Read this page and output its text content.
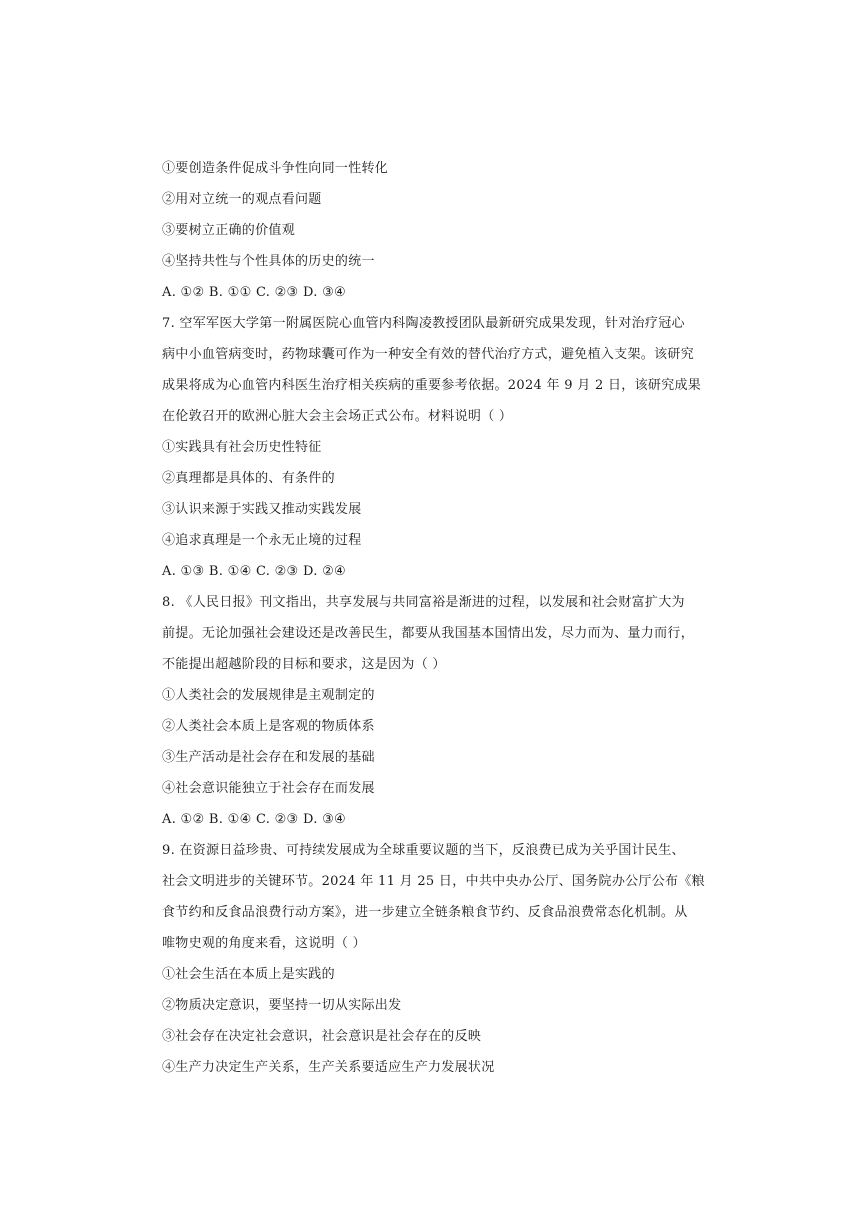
①要创造条件促成斗争性向同一性转化
②用对立统一的观点看问题
③要树立正确的价值观
④坚持共性与个性具体的历史的统一
A. ①② B. ①① C. ②③ D. ③④
7. 空军军医大学第一附属医院心血管内科陶凌教授团队最新研究成果发现，针对治疗冠心
病中小血管病变时，药物球囊可作为一种安全有效的替代治疗方式，避免植入支架。该研究
成果将成为心血管内科医生治疗相关疾病的重要参考依据。2024 年 9 月 2 日，该研究成果
在伦敦召开的欧洲心脏大会主会场正式公布。材料说明（ ）
①实践具有社会历史性特征
②真理都是具体的、有条件的
③认识来源于实践又推动实践发展
④追求真理是一个永无止境的过程
A. ①③ B. ①④ C. ②③ D. ②④
8. 《人民日报》刊文指出，共享发展与共同富裕是渐进的过程，以发展和社会财富扩大为
前提。无论加强社会建设还是改善民生，都要从我国基本国情出发，尽力而为、量力而行，
不能提出超越阶段的目标和要求，这是因为（ ）
①人类社会的发展规律是主观制定的
②人类社会本质上是客观的物质体系
③生产活动是社会存在和发展的基础
④社会意识能独立于社会存在而发展
A. ①② B. ①④ C. ②③ D. ③④
9. 在资源日益珍贵、可持续发展成为全球重要议题的当下，反浪费已成为关乎国计民生、
社会文明进步的关键环节。2024 年 11 月 25 日，中共中央办公厅、国务院办公厅公布《粮
食节约和反食品浪费行动方案》，进一步建立全链条粮食节约、反食品浪费常态化机制。从
唯物史观的角度来看，这说明（ ）
①社会生活在本质上是实践的
②物质决定意识，要坚持一切从实际出发
③社会存在决定社会意识，社会意识是社会存在的反映
④生产力决定生产关系，生产关系要适应生产力发展状况
